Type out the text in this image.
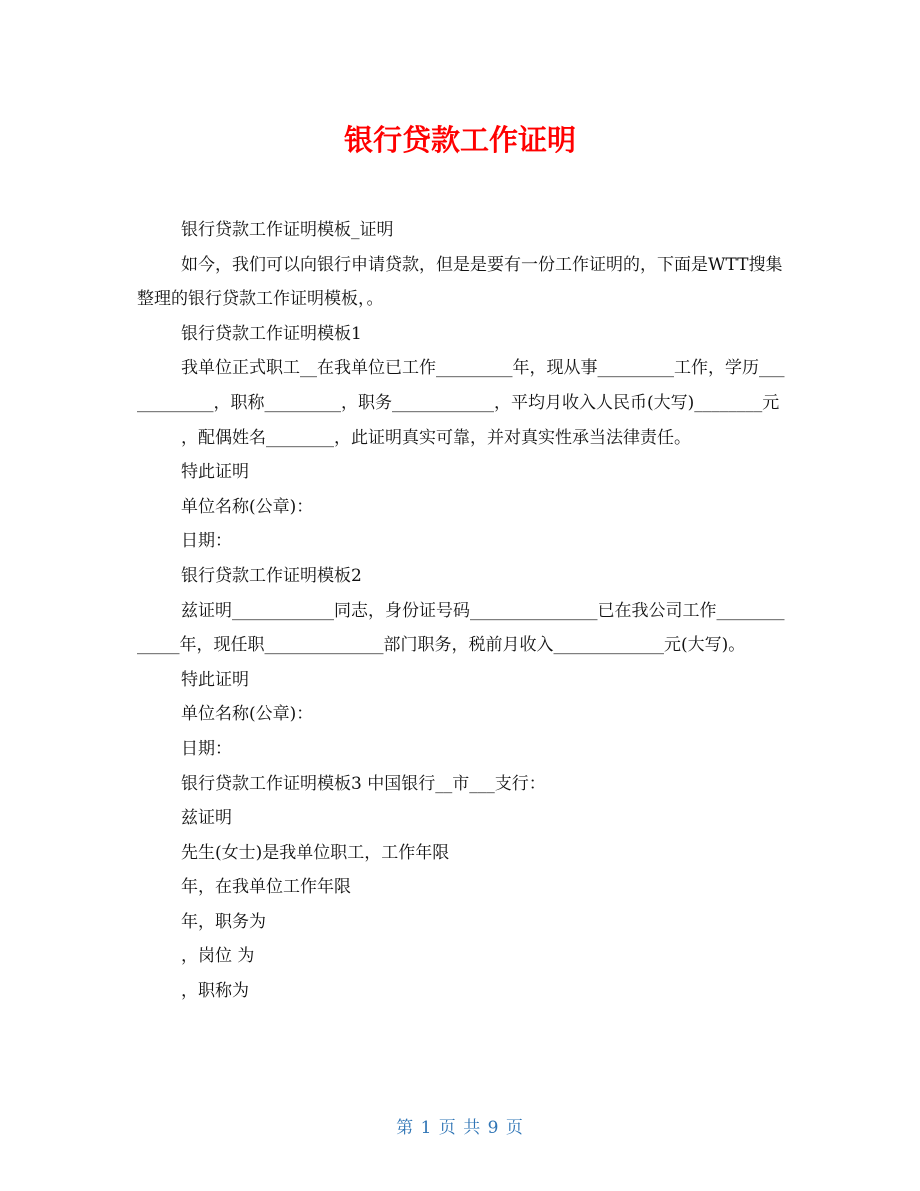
银行贷款工作证明

银行贷款工作证明模板_证明

如今，我们可以向银行申请贷款，但是是要有一份工作证明的，下面是WTT搜集整理的银行贷款工作证明模板，。

银行贷款工作证明模板1

我单位正式职工__在我单位已工作_________年，现从事_________工作，学历____________，职称_________，职务____________，平均月收入人民币(大写)________元

，配偶姓名________，此证明真实可靠，并对真实性承当法律责任。

特此证明

单位名称(公章)：

日期：

银行贷款工作证明模板2

兹证明____________同志，身份证号码_______________已在我公司工作_____________年，现任职______________部门职务，税前月收入_____________元(大写)。

特此证明

单位名称(公章)：

日期：

银行贷款工作证明模板3 中国银行__市___支行：

兹证明

先生(女士)是我单位职工，工作年限

年，在我单位工作年限

年，职务为

，岗位 为

，职称为

第 1 页 共 9 页
